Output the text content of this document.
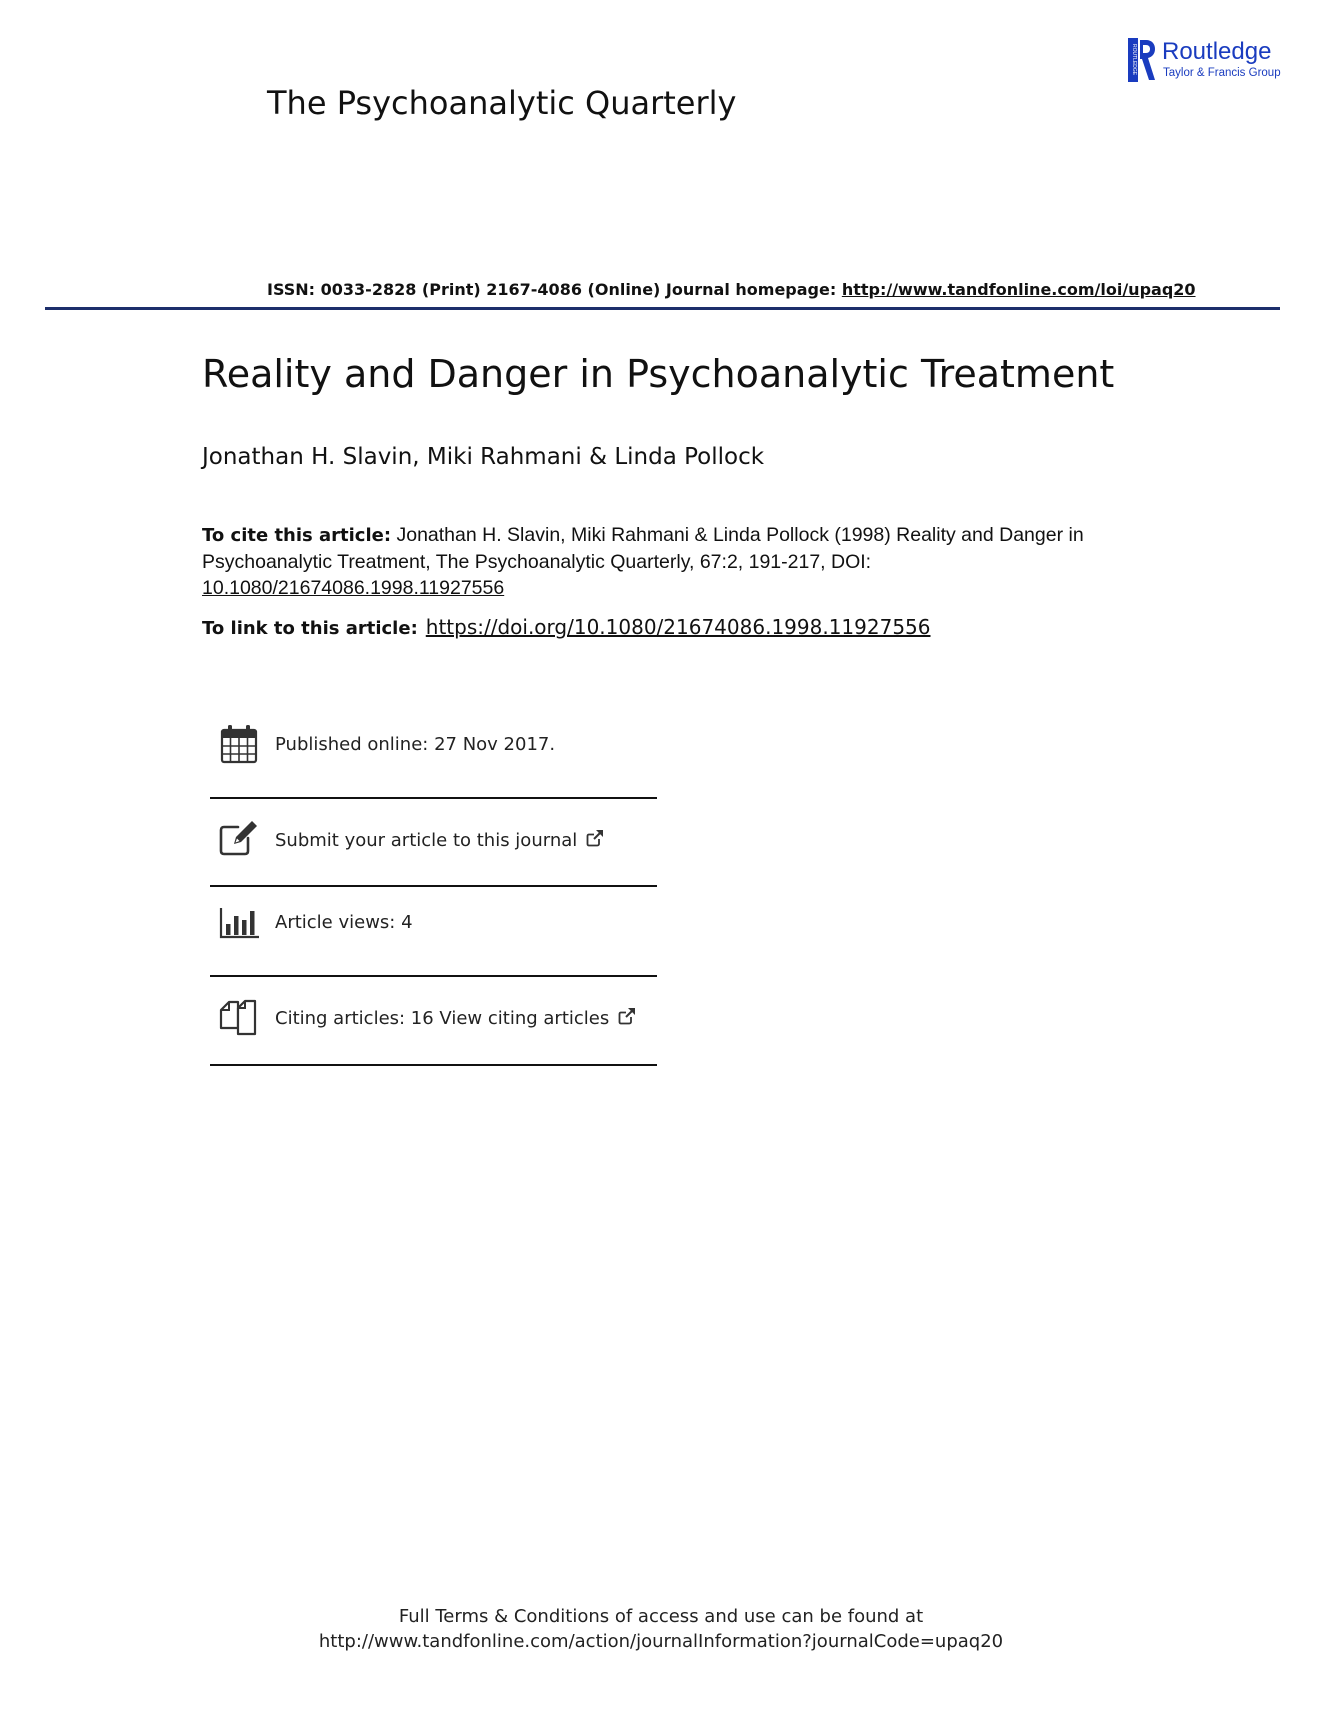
The Psychoanalytic Quarterly
ROUTLEDGE Routledge
Taylor & Francis Group
ISSN: 0033-2828 (Print) 2167-4086 (Online) Journal homepage: http://www.tandfonline.com/loi/upaq20
Reality and Danger in Psychoanalytic Treatment
Jonathan H. Slavin, Miki Rahmani & Linda Pollock
To cite this article: Jonathan H. Slavin, Miki Rahmani & Linda Pollock (1998) Reality and Danger in Psychoanalytic Treatment, The Psychoanalytic Quarterly, 67:2, 191-217, DOI:
10.1080/21674086.1998.11927556
To link to this article: https://doi.org/10.1080/21674086.1998.11927556
Published online: 27 Nov 2017.
Submit your article to this journal
Article views: 4
Citing articles: 16 View citing articles
Full Terms & Conditions of access and use can be found at
http://www.tandfonline.com/action/journalInformation?journalCode=upaq20
